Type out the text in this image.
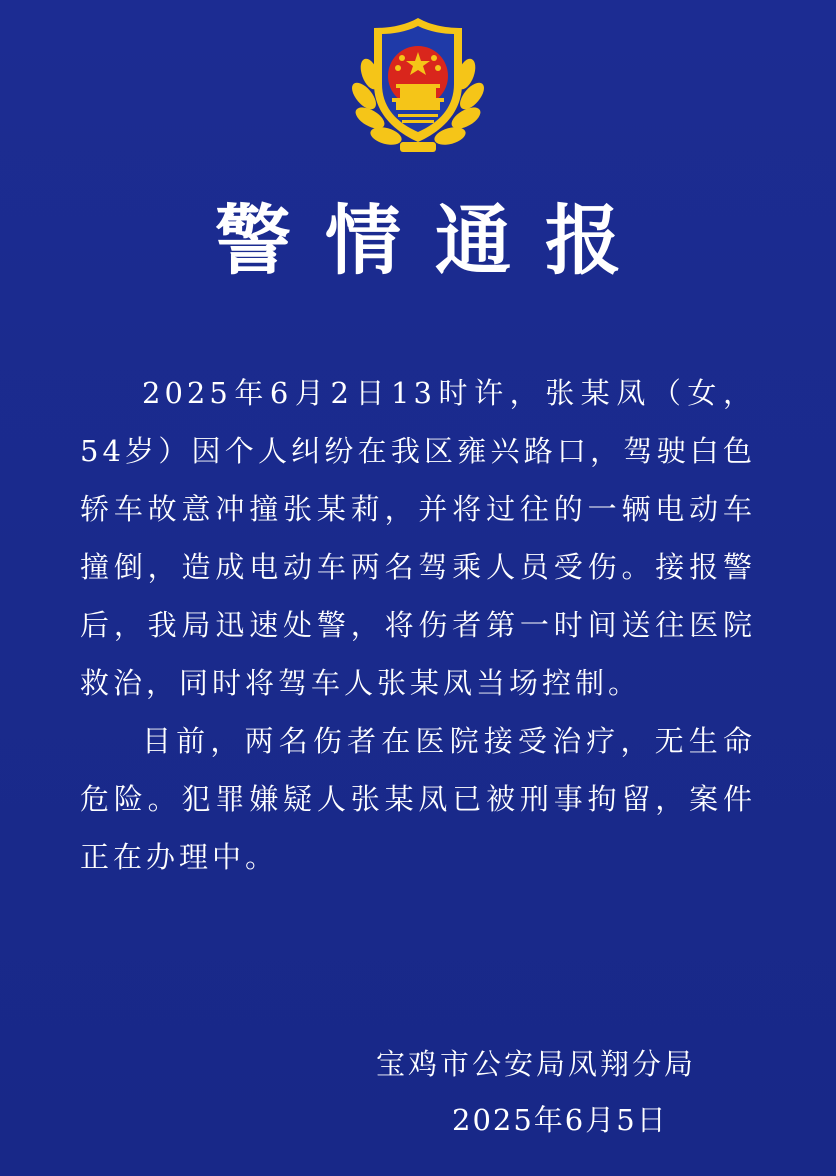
警情通报

2025年6月2日13时许，张某凤（女，54岁）因个人纠纷在我区雍兴路口，驾驶白色轿车故意冲撞张某莉，并将过往的一辆电动车撞倒，造成电动车两名驾乘人员受伤。接报警后，我局迅速处警，将伤者第一时间送往医院救治，同时将驾车人张某凤当场控制。

目前，两名伤者在医院接受治疗，无生命危险。犯罪嫌疑人张某凤已被刑事拘留，案件正在办理中。

宝鸡市公安局凤翔分局
2025年6月5日
